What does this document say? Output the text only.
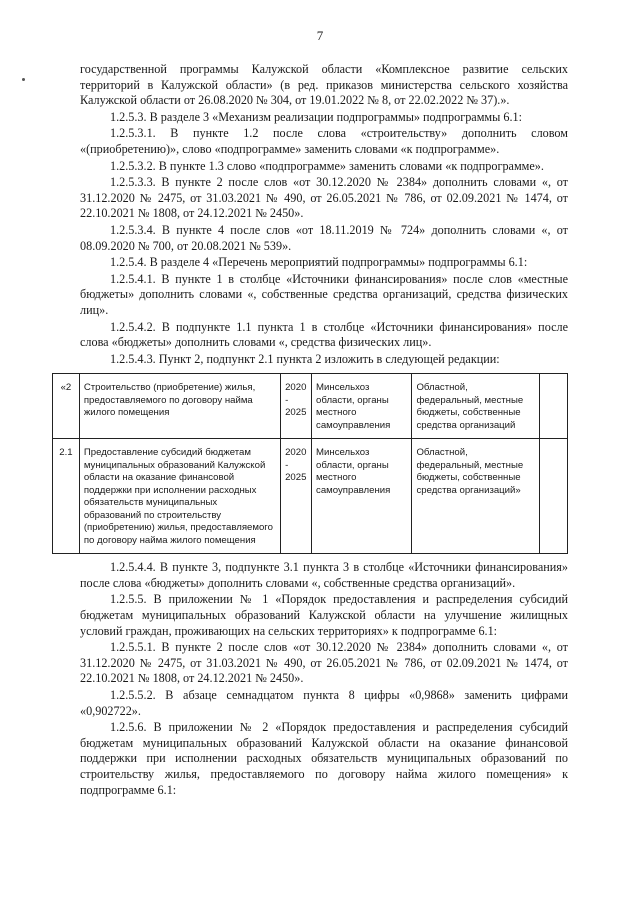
7

государственной программы Калужской области «Комплексное развитие сельских территорий в Калужской области» (в ред. приказов министерства сельского хозяйства Калужской области от 26.08.2020 № 304, от 19.01.2022 № 8, от 22.02.2022 № 37).».

1.2.5.3. В разделе 3 «Механизм реализации подпрограммы» подпрограммы 6.1:

1.2.5.3.1. В пункте 1.2 после слова «строительству» дополнить словом «(приобретению)», слово «подпрограмме» заменить словами «к подпрограмме».

1.2.5.3.2. В пункте 1.3 слово «подпрограмме» заменить словами «к подпрограмме».

1.2.5.3.3. В пункте 2 после слов «от 30.12.2020 № 2384» дополнить словами «, от 31.12.2020 № 2475, от 31.03.2021 № 490, от 26.05.2021 № 786, от 02.09.2021 № 1474, от 22.10.2021 № 1808, от 24.12.2021 № 2450».

1.2.5.3.4. В пункте 4 после слов «от 18.11.2019 № 724» дополнить словами «, от 08.09.2020 № 700, от 20.08.2021 № 539».

1.2.5.4. В разделе 4 «Перечень мероприятий подпрограммы» подпрограммы 6.1:

1.2.5.4.1. В пункте 1 в столбце «Источники финансирования» после слов «местные бюджеты» дополнить словами «, собственные средства организаций, средства физических лиц».

1.2.5.4.2. В подпункте 1.1 пункта 1 в столбце «Источники финансирования» после слова «бюджеты» дополнить словами «, средства физических лиц».

1.2.5.4.3. Пункт 2, подпункт 2.1 пункта 2 изложить в следующей редакции:

«2	Строительство (приобретение) жилья, предоставляемого по договору найма жилого помещения	2020 - 2025	Минсельхоз области, органы местного самоуправления	Областной, федеральный, местные бюджеты, собственные средства организаций	
2.1	Предоставление субсидий бюджетам муниципальных образований Калужской области на оказание финансовой поддержки при исполнении расходных обязательств муниципальных образований по строительству (приобретению) жилья, предоставляемого по договору найма жилого помещения	2020 - 2025	Минсельхоз области, органы местного самоуправления	Областной, федеральный, местные бюджеты, собственные средства организаций»	

1.2.5.4.4. В пункте 3, подпункте 3.1 пункта 3 в столбце «Источники финансирования» после слова «бюджеты» дополнить словами «, собственные средства организаций».

1.2.5.5. В приложении № 1 «Порядок предоставления и распределения субсидий бюджетам муниципальных образований Калужской области на улучшение жилищных условий граждан, проживающих на сельских территориях» к подпрограмме 6.1:

1.2.5.5.1. В пункте 2 после слов «от 30.12.2020 № 2384» дополнить словами «, от 31.12.2020 № 2475, от 31.03.2021 № 490, от 26.05.2021 № 786, от 02.09.2021 № 1474, от 22.10.2021 № 1808, от 24.12.2021 № 2450».

1.2.5.5.2. В абзаце семнадцатом пункта 8 цифры «0,9868» заменить цифрами «0,902722».

1.2.5.6. В приложении № 2 «Порядок предоставления и распределения субсидий бюджетам муниципальных образований Калужской области на оказание финансовой поддержки при исполнении расходных обязательств муниципальных образований по строительству жилья, предоставляемого по договору найма жилого помещения» к подпрограмме 6.1:
